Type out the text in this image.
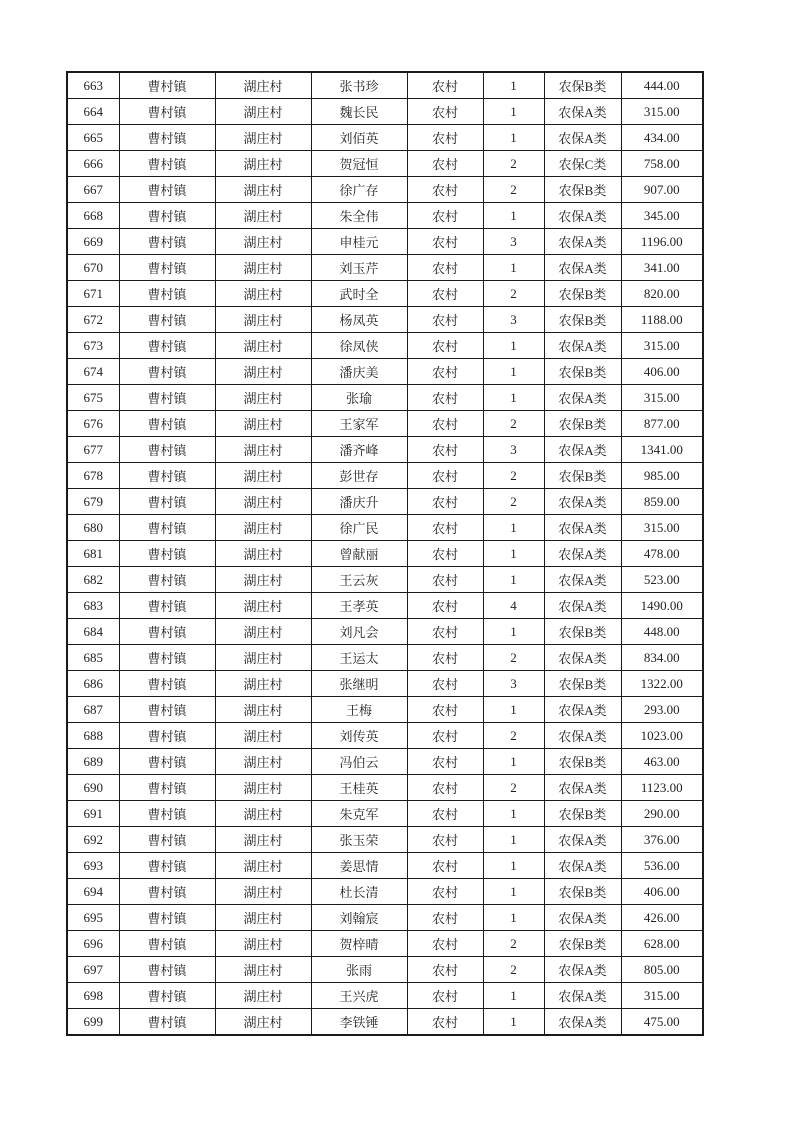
663	曹村镇	湖庄村	张书珍	农村	1	农保B类	444.00
664	曹村镇	湖庄村	魏长民	农村	1	农保A类	315.00
665	曹村镇	湖庄村	刘佰英	农村	1	农保A类	434.00
666	曹村镇	湖庄村	贺冠恒	农村	2	农保C类	758.00
667	曹村镇	湖庄村	徐广存	农村	2	农保B类	907.00
668	曹村镇	湖庄村	朱全伟	农村	1	农保A类	345.00
669	曹村镇	湖庄村	申桂元	农村	3	农保A类	1196.00
670	曹村镇	湖庄村	刘玉芹	农村	1	农保A类	341.00
671	曹村镇	湖庄村	武时全	农村	2	农保B类	820.00
672	曹村镇	湖庄村	杨凤英	农村	3	农保B类	1188.00
673	曹村镇	湖庄村	徐凤侠	农村	1	农保A类	315.00
674	曹村镇	湖庄村	潘庆美	农村	1	农保B类	406.00
675	曹村镇	湖庄村	张瑜	农村	1	农保A类	315.00
676	曹村镇	湖庄村	王家军	农村	2	农保B类	877.00
677	曹村镇	湖庄村	潘齐峰	农村	3	农保A类	1341.00
678	曹村镇	湖庄村	彭世存	农村	2	农保B类	985.00
679	曹村镇	湖庄村	潘庆升	农村	2	农保A类	859.00
680	曹村镇	湖庄村	徐广民	农村	1	农保A类	315.00
681	曹村镇	湖庄村	曾献丽	农村	1	农保A类	478.00
682	曹村镇	湖庄村	王云灰	农村	1	农保A类	523.00
683	曹村镇	湖庄村	王孝英	农村	4	农保A类	1490.00
684	曹村镇	湖庄村	刘凡会	农村	1	农保B类	448.00
685	曹村镇	湖庄村	王运太	农村	2	农保A类	834.00
686	曹村镇	湖庄村	张继明	农村	3	农保B类	1322.00
687	曹村镇	湖庄村	王梅	农村	1	农保A类	293.00
688	曹村镇	湖庄村	刘传英	农村	2	农保A类	1023.00
689	曹村镇	湖庄村	冯伯云	农村	1	农保B类	463.00
690	曹村镇	湖庄村	王桂英	农村	2	农保A类	1123.00
691	曹村镇	湖庄村	朱克军	农村	1	农保B类	290.00
692	曹村镇	湖庄村	张玉荣	农村	1	农保A类	376.00
693	曹村镇	湖庄村	姜思情	农村	1	农保A类	536.00
694	曹村镇	湖庄村	杜长清	农村	1	农保B类	406.00
695	曹村镇	湖庄村	刘翰宸	农村	1	农保A类	426.00
696	曹村镇	湖庄村	贺梓晴	农村	2	农保B类	628.00
697	曹村镇	湖庄村	张雨	农村	2	农保A类	805.00
698	曹村镇	湖庄村	王兴虎	农村	1	农保A类	315.00
699	曹村镇	湖庄村	李铁锤	农村	1	农保A类	475.00
